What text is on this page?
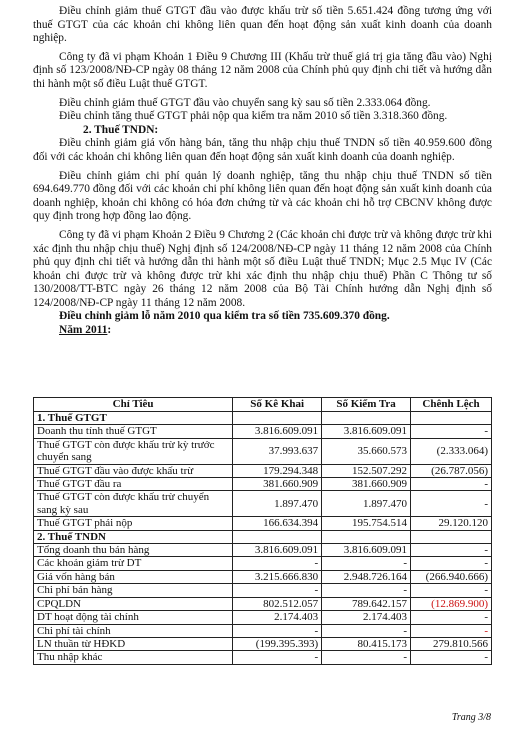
Điều chỉnh giảm thuế GTGT đầu vào được khấu trừ số tiền 5.651.424 đồng tương ứng với thuế GTGT của các khoản chi không liên quan đến hoạt động sản xuất kinh doanh của doanh nghiệp.

Công ty đã vi phạm Khoản 1 Điều 9 Chương III (Khấu trừ thuế giá trị gia tăng đầu vào) Nghị định số 123/2008/NĐ-CP ngày 08 tháng 12 năm 2008 của Chính phủ quy định chi tiết và hướng dẫn thi hành một số điều Luật thuế GTGT.

Điều chỉnh giảm thuế GTGT đầu vào chuyển sang kỳ sau số tiền 2.333.064 đồng.

Điều chỉnh tăng thuế GTGT phải nộp qua kiểm tra năm 2010 số tiền 3.318.360 đồng.

2. Thuế TNDN:

Điều chỉnh giảm giá vốn hàng bán, tăng thu nhập chịu thuế TNDN số tiền 40.959.600 đồng đối với các khoản chi không liên quan đến hoạt động sản xuất kinh doanh của doanh nghiệp.

Điều chỉnh giảm chi phí quản lý doanh nghiệp, tăng thu nhập chịu thuế TNDN số tiền 694.649.770 đồng đối với các khoản chi phí không liên quan đến hoạt động sản xuất kinh doanh của doanh nghiệp, khoản chi không có hóa đơn chứng từ và các khoản chi hỗ trợ CBCNV không được quy định trong hợp đồng lao động.

Công ty đã vi phạm Khoản 2 Điều 9 Chương 2 (Các khoản chi được trừ và không được trừ khi xác định thu nhập chịu thuế) Nghị định số 124/2008/NĐ-CP ngày 11 tháng 12 năm 2008 của Chính phủ quy định chi tiết và hướng dẫn thi hành một số điều Luật thuế TNDN; Mục 2.5 Mục IV (Các khoản chi được trừ và không được trừ khi xác định thu nhập chịu thuế) Phần C Thông tư số 130/2008/TT-BTC ngày 26 tháng 12 năm 2008 của Bộ Tài Chính hướng dẫn Nghị định số 124/2008/NĐ-CP ngày 11 tháng 12 năm 2008.

Điều chỉnh giảm lỗ năm 2010 qua kiểm tra số tiền 735.609.370 đồng.

Năm 2011:

Chỉ Tiêu	Số Kê Khai	Số Kiểm Tra	Chênh Lệch
1. Thuế GTGT			
Doanh thu tính thuế GTGT	3.816.609.091	3.816.609.091	-
Thuế GTGT còn được khấu trừ kỳ trước chuyển sang	37.993.637	35.660.573	(2.333.064)
Thuế GTGT đầu vào được khấu trừ	179.294.348	152.507.292	(26.787.056)
Thuế GTGT đầu ra	381.660.909	381.660.909	-
Thuế GTGT còn được khấu trừ chuyển sang kỳ sau	1.897.470	1.897.470	-
Thuế GTGT phải nộp	166.634.394	195.754.514	29.120.120
2. Thuế TNDN			
Tổng doanh thu bán hàng	3.816.609.091	3.816.609.091	-
Các khoản giảm trừ DT	-	-	-
Giá vốn hàng bán	3.215.666.830	2.948.726.164	(266.940.666)
Chi phí bán hàng	-	-	-
CPQLDN	802.512.057	789.642.157	(12.869.900)
DT hoạt động tài chính	2.174.403	2.174.403	-
Chi phí tài chính	-	-	-
LN thuần từ HĐKD	(199.395.393)	80.415.173	279.810.566
Thu nhập khác	-	-	-
Trang 3/8
